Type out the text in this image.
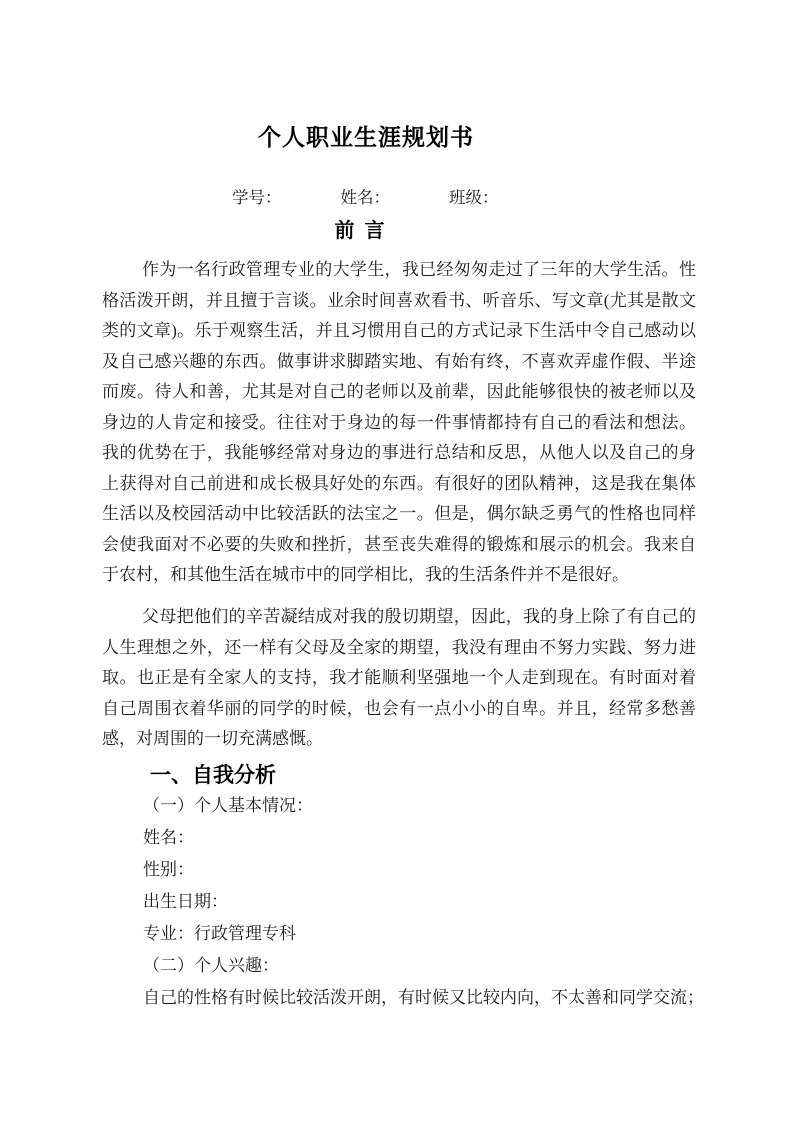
个人职业生涯规划书
学号：	姓名：	班级：
前  言

作为一名行政管理专业的大学生，我已经匆匆走过了三年的大学生活。性格活泼开朗，并且擅于言谈。业余时间喜欢看书、听音乐、写文章(尤其是散文类的文章)。乐于观察生活，并且习惯用自己的方式记录下生活中令自己感动以及自己感兴趣的东西。做事讲求脚踏实地、有始有终，不喜欢弄虚作假、半途而废。待人和善，尤其是对自己的老师以及前辈，因此能够很快的被老师以及身边的人肯定和接受。往往对于身边的每一件事情都持有自己的看法和想法。我的优势在于，我能够经常对身边的事进行总结和反思，从他人以及自己的身上获得对自己前进和成长极具好处的东西。有很好的团队精神，这是我在集体生活以及校园活动中比较活跃的法宝之一。但是，偶尔缺乏勇气的性格也同样会使我面对不必要的失败和挫折，甚至丧失难得的锻炼和展示的机会。我来自于农村，和其他生活在城市中的同学相比，我的生活条件并不是很好。

父母把他们的辛苦凝结成对我的殷切期望，因此，我的身上除了有自己的人生理想之外，还一样有父母及全家的期望，我没有理由不努力实践、努力进取。也正是有全家人的支持，我才能顺利坚强地一个人走到现在。有时面对着自己周围衣着华丽的同学的时候，也会有一点小小的自卑。并且，经常多愁善感，对周围的一切充满感慨。

一、自我分析
（一）个人基本情况：
姓名：
性别：
出生日期：
专业：行政管理专科
（二）个人兴趣：
自己的性格有时候比较活泼开朗，有时候又比较内向，不太善和同学交流；
